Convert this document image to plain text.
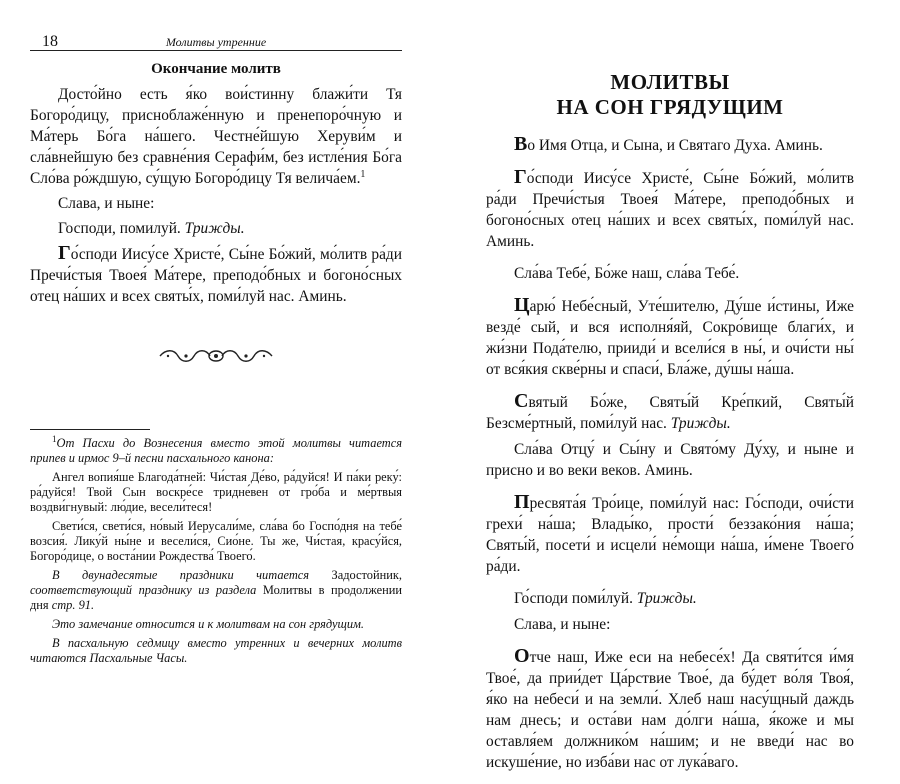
18	Молитвы утренние
Окончание молитв

Досто́йно есть я́ко вои́стинну блажи́ти Тя Богоро́дицу, присноблаже́нную и пренепоро́чную и Ма́терь Бо́га на́шего. Честне́йшую Херуви́м и сла́внейшую без сравне́ния Серафи́м, без истле́ния Бо́га Сло́ва ро́ждшую, су́щую Богоро́дицу Тя велича́ем.$^1$

Слава, и ныне:

Господи, помилуй. Трижды.

Го́споди Иису́се Христе́, Сы́не Бо́жий, мо́литв ра́ди Пречи́стыя Твоея́ Ма́тере, преподо́бных и богоно́сных отец на́ших и всех святы́х, поми́луй нас. Аминь.

$^1$От Пасхи до Вознесения вместо этой молитвы читается припев и ирмос 9–й песни пасхального канона:

Ангел вопия́ше Благода́тней: Чи́стая Де́во, ра́дуйся! И па́ки реку́: ра́дуйся! Твой Сын воскре́се тридне́вен от гро́ба и ме́ртвыя воздви́гнувый: лю́дие, весели́теся!

Свети́ся, свети́ся, но́вый Иерусали́ме, сла́ва бо Госпо́дня на тебе́ возсия́. Лику́й ны́не и весели́ся, Сио́не. Ты же, Чи́стая, красу́йся, Богоро́дице, о воста́нии Рождества́ Твоего́.

В двунадесятые праздники читается Задостойник, соответствующий празднику из раздела Молитвы в продолжении дня стр. 91.

Это замечание относится и к молитвам на сон грядущим.

В пасхальную седмицу вместо утренних и вечерних молитв читаются Пасхальные Часы.

МОЛИТВЫ
НА СОН ГРЯДУЩИМ

Во Имя Отца, и Сына, и Святаго Духа. Аминь.

Го́споди Иису́се Христе́, Сы́не Бо́жий, мо́литв ра́ди Пречи́стыя Твоея́ Ма́тере, преподо́бных и богоно́сных отец на́ших и всех святы́х, поми́луй нас. Аминь.

Сла́ва Тебе́, Бо́же наш, сла́ва Тебе́.

Царю́ Небе́сный, Уте́шителю, Ду́ше и́стины, Иже везде́ сый, и вся исполня́яй, Сокро́вище благи́х, и жи́зни Пода́телю, прииди́ и всели́ся в ны́, и очи́сти ны́ от вся́кия скве́рны и спаси́, Бла́же, ду́шы на́ша.

Святый Бо́же, Святы́й Кре́пкий, Святы́й Безсме́ртный, поми́луй нас. Трижды.

Сла́ва Отцу́ и Сы́ну и Свято́му Ду́ху, и ныне и присно и во веки веков. Аминь.

Пресвята́я Тро́ице, поми́луй нас: Го́споди, очи́сти грехи́ на́ша; Влады́ко, прости́ беззако́ния на́ша; Святы́й, посети́ и исцели́ не́мощи на́ша, и́мене Твоего́ ра́ди.

Го́споди поми́луй. Трижды.

Слава, и ныне:

Отче наш, Иже еси на небесе́х! Да святи́тся и́мя Твое́, да прии́дет Ца́рствие Твое́, да бу́дет во́ля Твоя́, я́ко на небеси́ и на земли́. Хлеб наш насу́щный даждь нам днесь; и оста́ви нам до́лги на́ша, я́коже и мы оставля́ем должнико́м на́шим; и не введи́ нас во искуше́ние, но изба́ви нас от лука́ваго.
